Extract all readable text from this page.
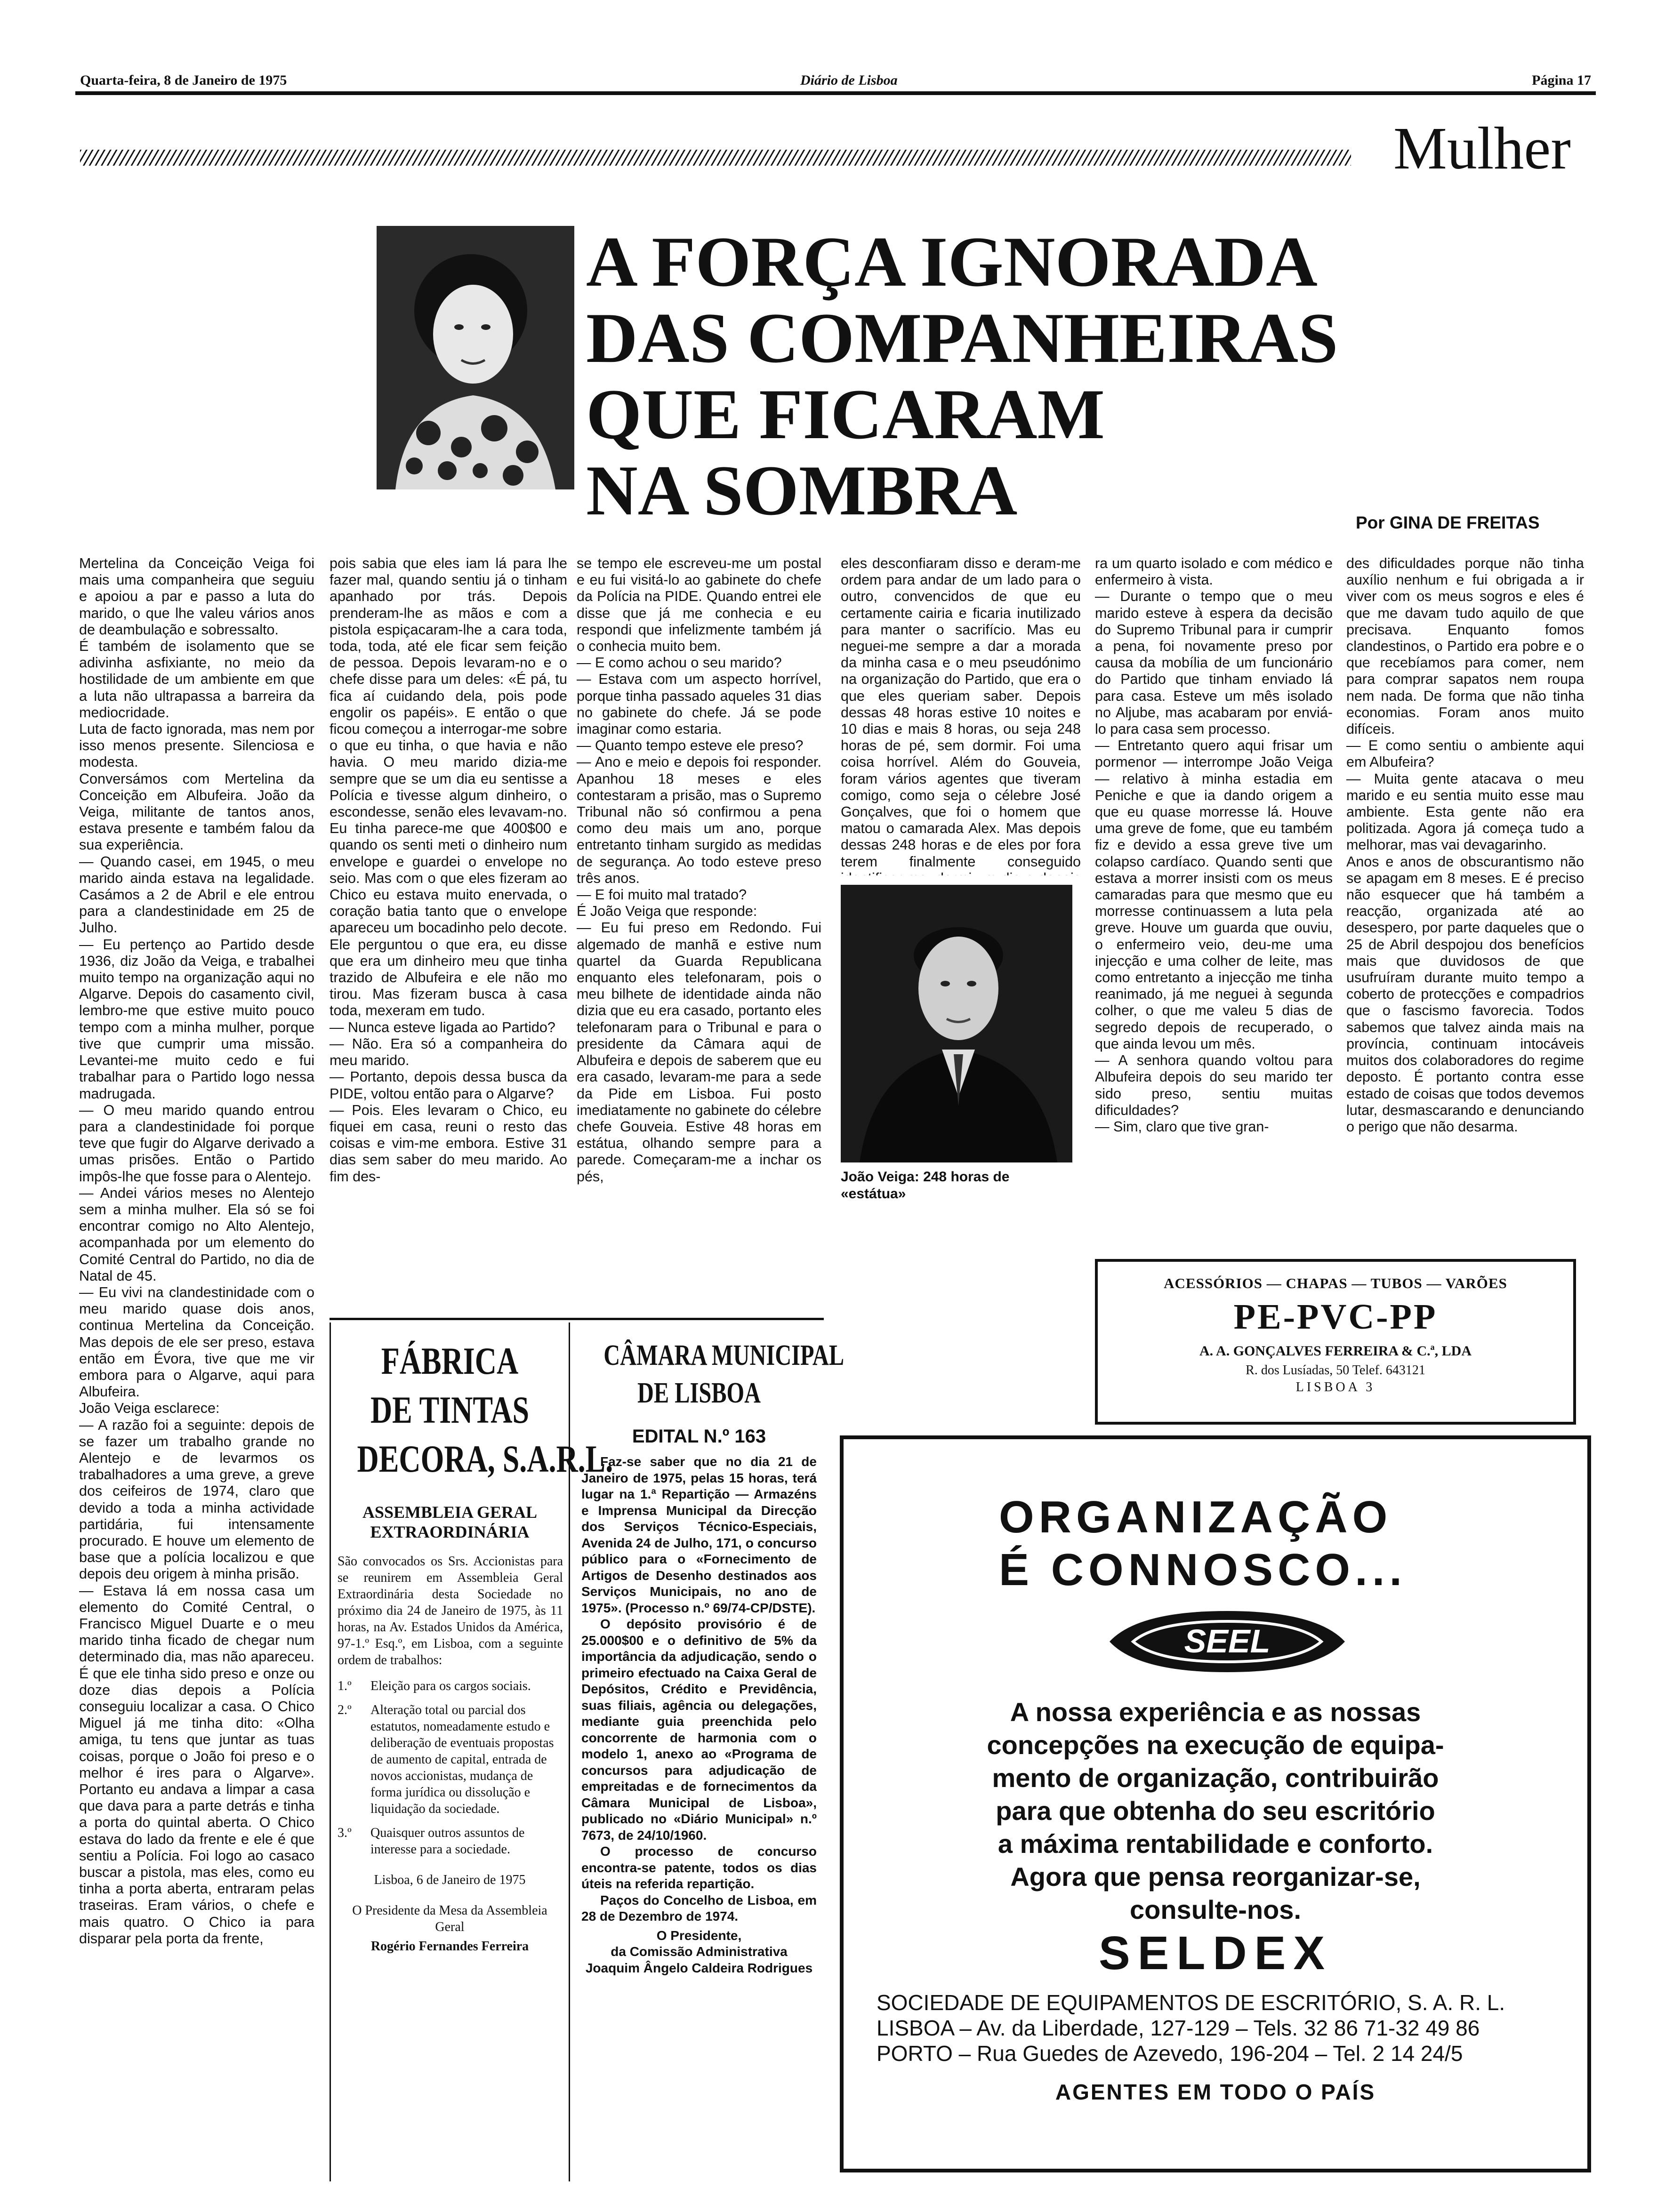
Quarta-feira, 8 de Janeiro de 1975	Diário de Lisboa	Página 17
Mulher
A FORÇA IGNORADA
DAS COMPANHEIRAS
QUE FICARAM
NA SOMBRA	Por GINA DE FREITAS

Mertelina da Conceição Veiga foi mais uma companheira que seguiu e apoiou a par e passo a luta do marido, o que lhe valeu vários anos de deambulação e sobressalto.

É também de isolamento que se adivinha asfixiante, no meio da hostilidade de um ambiente em que a luta não ultrapassa a barreira da mediocridade.

Luta de facto ignorada, mas nem por isso menos presente. Silenciosa e modesta.

Conversámos com Mertelina da Conceição em Albufeira. João da Veiga, militante de tantos anos, estava presente e também falou da sua experiência.

— Quando casei, em 1945, o meu marido ainda estava na legalidade. Casámos a 2 de Abril e ele entrou para a clandestinidade em 25 de Julho.

— Eu pertenço ao Partido desde 1936, diz João da Veiga, e trabalhei muito tempo na organização aqui no Algarve. Depois do casamento civil, lembro-me que estive muito pouco tempo com a minha mulher, porque tive que cumprir uma missão. Levantei-me muito cedo e fui trabalhar para o Partido logo nessa madrugada.

— O meu marido quando entrou para a clandestinidade foi porque teve que fugir do Algarve derivado a umas prisões. Então o Partido impôs-lhe que fosse para o Alentejo.

— Andei vários meses no Alentejo sem a minha mulher. Ela só se foi encontrar comigo no Alto Alentejo, acompanhada por um elemento do Comité Central do Partido, no dia de Natal de 45.

— Eu vivi na clandestinidade com o meu marido quase dois anos, continua Mertelina da Conceição. Mas depois de ele ser preso, estava então em Évora, tive que me vir embora para o Algarve, aqui para Albufeira.

João Veiga esclarece:

— A razão foi a seguinte: depois de se fazer um trabalho grande no Alentejo e de levarmos os trabalhadores a uma greve, a greve dos ceifeiros de 1974, claro que devido a toda a minha actividade partidária, fui intensamente procurado. E houve um elemento de base que a polícia localizou e que depois deu origem à minha prisão.

— Estava lá em nossa casa um elemento do Comité Central, o Francisco Miguel Duarte e o meu marido tinha ficado de chegar num determinado dia, mas não apareceu. É que ele tinha sido preso e onze ou doze dias depois a Polícia conseguiu localizar a casa. O Chico Miguel já me tinha dito: «Olha amiga, tu tens que juntar as tuas coisas, porque o João foi preso e o melhor é ires para o Algarve». Portanto eu andava a limpar a casa que dava para a parte detrás e tinha a porta do quintal aberta. O Chico estava do lado da frente e ele é que sentiu a Polícia. Foi logo ao casaco buscar a pistola, mas eles, como eu tinha a porta aberta, entraram pelas traseiras. Eram vários, o chefe e mais quatro. O Chico ia para disparar pela porta da frente,

pois sabia que eles iam lá para lhe fazer mal, quando sentiu já o tinham apanhado por trás. Depois prenderam-lhe as mãos e com a pistola espiçacaram-lhe a cara toda, toda, toda, até ele ficar sem feição de pessoa. Depois levaram-no e o chefe disse para um deles: «É pá, tu fica aí cuidando dela, pois pode engolir os papéis». E então o que ficou começou a interrogar-me sobre o que eu tinha, o que havia e não havia. O meu marido dizia-me sempre que se um dia eu sentisse a Polícia e tivesse algum dinheiro, o escondesse, senão eles levavam-no. Eu tinha parece-me que 400$00 e quando os senti meti o dinheiro num envelope e guardei o envelope no seio. Mas com o que eles fizeram ao Chico eu estava muito enervada, o coração batia tanto que o envelope apareceu um bocadinho pelo decote. Ele perguntou o que era, eu disse que era um dinheiro meu que tinha trazido de Albufeira e ele não mo tirou. Mas fizeram busca à casa toda, mexeram em tudo.

— Nunca esteve ligada ao Partido?

— Não. Era só a companheira do meu marido.

— Portanto, depois dessa busca da PIDE, voltou então para o Algarve?

— Pois. Eles levaram o Chico, eu fiquei em casa, reuni o resto das coisas e vim-me embora. Estive 31 dias sem saber do meu marido. Ao fim des-

se tempo ele escreveu-me um postal e eu fui visitá-lo ao gabinete do chefe da Polícia na PIDE. Quando entrei ele disse que já me conhecia e eu respondi que infelizmente também já o conhecia muito bem.

— E como achou o seu marido?

— Estava com um aspecto horrível, porque tinha passado aqueles 31 dias no gabinete do chefe. Já se pode imaginar como estaria.

— Quanto tempo esteve ele preso?

— Ano e meio e depois foi responder. Apanhou 18 meses e eles contestaram a prisão, mas o Supremo Tribunal não só confirmou a pena como deu mais um ano, porque entretanto tinham surgido as medidas de segurança. Ao todo esteve preso três anos.

— E foi muito mal tratado?

É João Veiga que responde:

— Eu fui preso em Redondo. Fui algemado de manhã e estive num quartel da Guarda Republicana enquanto eles telefonaram, pois o meu bilhete de identidade ainda não dizia que eu era casado, portanto eles telefonaram para o Tribunal e para o presidente da Câmara aqui de Albufeira e depois de saberem que eu era casado, levaram-me para a sede da Pide em Lisboa. Fui posto imediatamente no gabinete do célebre chefe Gouveia. Estive 48 horas em estátua, olhando sempre para a parede. Começaram-me a inchar os pés,

eles desconfiaram disso e deram-me ordem para andar de um lado para o outro, convencidos de que eu certamente cairia e ficaria inutilizado para manter o sacrifício. Mas eu neguei-me sempre a dar a morada da minha casa e o meu pseudónimo na organização do Partido, que era o que eles queriam saber. Depois dessas 48 horas estive 10 noites e 10 dias e mais 8 horas, ou seja 248 horas de pé, sem dormir. Foi uma coisa horrível. Além do Gouveia, foram vários agentes que tiveram comigo, como seja o célebre José Gonçalves, que foi o homem que matou o camarada Alex. Mas depois dessas 248 horas e de eles por fora terem finalmente conseguido

João Veiga: 248 horas de «estátua»

ra um quarto isolado e com médico e enfermeiro à vista.

— Durante o tempo que o meu marido esteve à espera da decisão do Supremo Tribunal para ir cumprir a pena, foi novamente preso por causa da mobília de um funcionário do Partido que tinham enviado lá para casa. Esteve um mês isolado no Aljube, mas acabaram por enviá-lo para casa sem processo.

— Entretanto quero aqui frisar um pormenor — interrompe João Veiga — relativo à minha estadia em Peniche e que ia dando origem a que eu quase morresse lá. Houve uma greve de fome, que eu também fiz e devido a essa greve tive um colapso cardíaco. Quando senti que estava a morrer insisti com os meus camaradas para que mesmo que eu morresse continuassem a luta pela greve. Houve um guarda que ouviu, o enfermeiro veio, deu-me uma injecção e uma colher de leite, mas como entretanto a injecção me tinha reanimado, já me neguei à segunda colher, o que me valeu 5 dias de segredo depois de recuperado, o que ainda levou um mês.

— A senhora quando voltou para Albufeira depois do seu marido ter sido preso, sentiu muitas dificuldades?

— Sim, claro que tive gran-

des dificuldades porque não tinha auxílio nenhum e fui obrigada a ir viver com os meus sogros e eles é que me davam tudo aquilo de que precisava. Enquanto fomos clandestinos, o Partido era pobre e o que recebíamos para comer, nem para comprar sapatos nem roupa nem nada. De forma que não tinha economias. Foram anos muito difíceis.

— E como sentiu o ambiente aqui em Albufeira?

— Muita gente atacava o meu marido e eu sentia muito esse mau ambiente. Esta gente não era politizada. Agora já começa tudo a melhorar, mas vai devagarinho.

Anos e anos de obscurantismo não se apagam em 8 meses. E é preciso não esquecer que há também a reacção, organizada até ao desespero, por parte daqueles que o 25 de Abril despojou dos benefícios mais que duvidosos de que usufruíram durante muito tempo a coberto de protecções e compadrios que o fascismo favorecia. Todos sabemos que talvez ainda mais na província, continuam intocáveis muitos dos colaboradores do regime deposto. É portanto contra esse estado de coisas que todos devemos lutar, desmascarando e denunciando o perigo que não desarma.

FÁBRICA
DE TINTAS
DECORA, S.A.R.L.
ASSEMBLEIA GERAL
EXTRAORDINÁRIA
São convocados os Srs. Accionistas para se reunirem em Assembleia Geral Extraordinária desta Sociedade no próximo dia 24 de Janeiro de 1975, às 11 horas, na Av. Estados Unidos da América, 97-1.º Esq.º, em Lisboa, com a seguinte ordem de trabalhos:
1.º	Eleição para os cargos sociais.
2.º	Alteração total ou parcial dos estatutos, nomeadamente estudo e deliberação de eventuais propostas de aumento de capital, entrada de novos accionistas, mudança de forma jurídica ou dissolução e liquidação da sociedade.
3.º	Quaisquer outros assuntos de interesse para a sociedade.
Lisboa, 6 de Janeiro de 1975
O Presidente da Mesa da Assembleia Geral
Rogério Fernandes Ferreira
CÂMARA MUNICIPAL
DE LISBOA
EDITAL N.º 163

Faz-se saber que no dia 21 de Janeiro de 1975, pelas 15 horas, terá lugar na 1.ª Repartição — Armazéns e Imprensa Municipal da Direcção dos Serviços Técnico-Especiais, Avenida 24 de Julho, 171, o concurso público para o «Fornecimento de Artigos de Desenho destinados aos Serviços Municipais, no ano de 1975». (Processo n.º 69/74-CP/DSTE).

O depósito provisório é de 25.000$00 e o definitivo de 5% da importância da adjudicação, sendo o primeiro efectuado na Caixa Geral de Depósitos, Crédito e Previdência, suas filiais, agência ou delegações, mediante guia preenchida pelo concorrente de harmonia com o modelo 1, anexo ao «Programa de concursos para adjudicação de empreitadas e de fornecimentos da Câmara Municipal de Lisboa», publicado no «Diário Municipal» n.º 7673, de 24/10/1960.

O processo de concurso encontra-se patente, todos os dias úteis na referida repartição.

Paços do Concelho de Lisboa, em 28 de Dezembro de 1974.

O Presidente,
da Comissão Administrativa
Joaquim Ângelo Caldeira Rodrigues
ACESSÓRIOS — CHAPAS — TUBOS — VARÕES
PE-PVC-PP
A. A. GONÇALVES FERREIRA & C.ª, LDA
R. dos Lusíadas, 50 Telef. 643121
LISBOA 3
ORGANIZAÇÃO
É CONNOSCO...
SEEL
A nossa experiência e as nossas
concepções na execução de equipa-
mento de organização, contribuirão
para que obtenha do seu escritório
a máxima rentabilidade e conforto.
Agora que pensa reorganizar-se,
consulte-nos.
SELDEX
SOCIEDADE DE EQUIPAMENTOS DE ESCRITÓRIO, S. A. R. L.
LISBOA – Av. da Liberdade, 127-129 – Tels. 32 86 71-32 49 86
PORTO – Rua Guedes de Azevedo, 196-204 – Tel. 2 14 24/5
AGENTES EM TODO O PAÍS
